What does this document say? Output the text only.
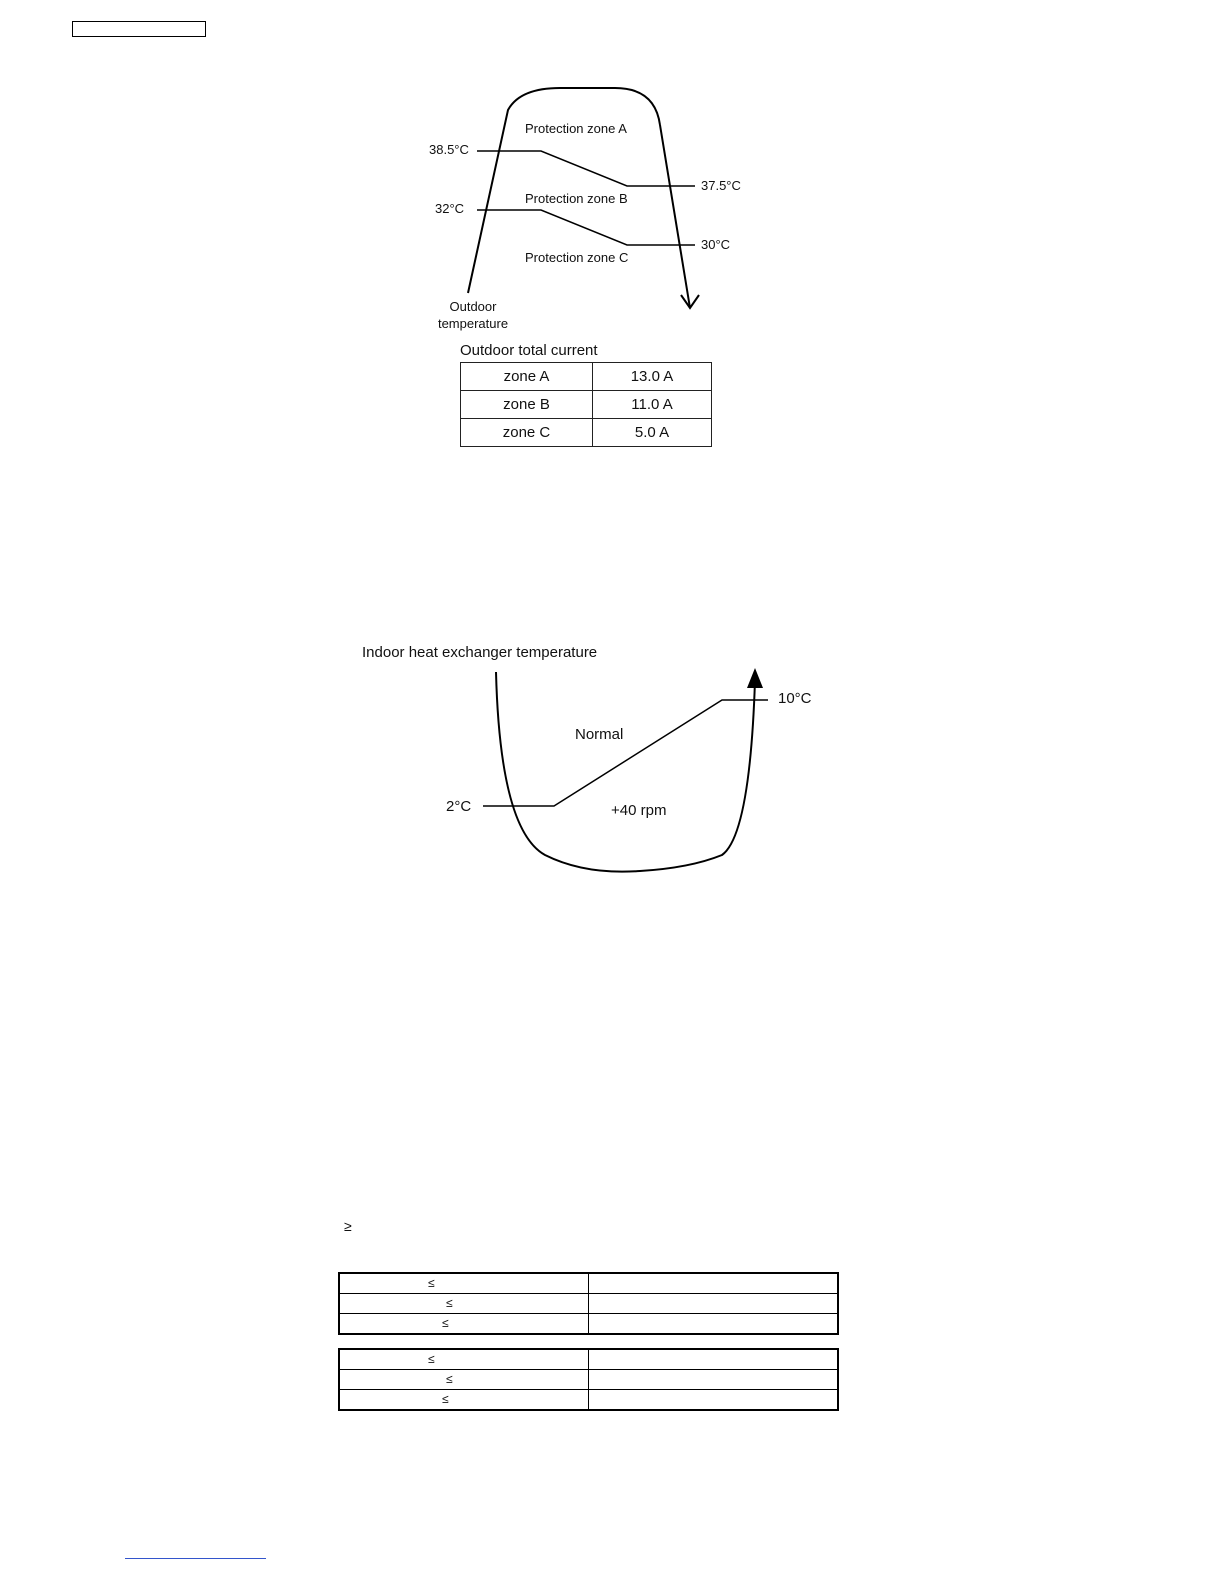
Protection zone A
Protection zone B
Protection zone C
38.5°C
37.5°C
32°C
30°C
Outdoor
temperature
Outdoor total current
zone A	13.0 A
zone B	11.0 A
zone C	5.0 A
Indoor heat exchanger temperature
Normal
+40 rpm
10°C
2°C
≥
≤	

≤	

≤	

≤	

≤	

≤	
